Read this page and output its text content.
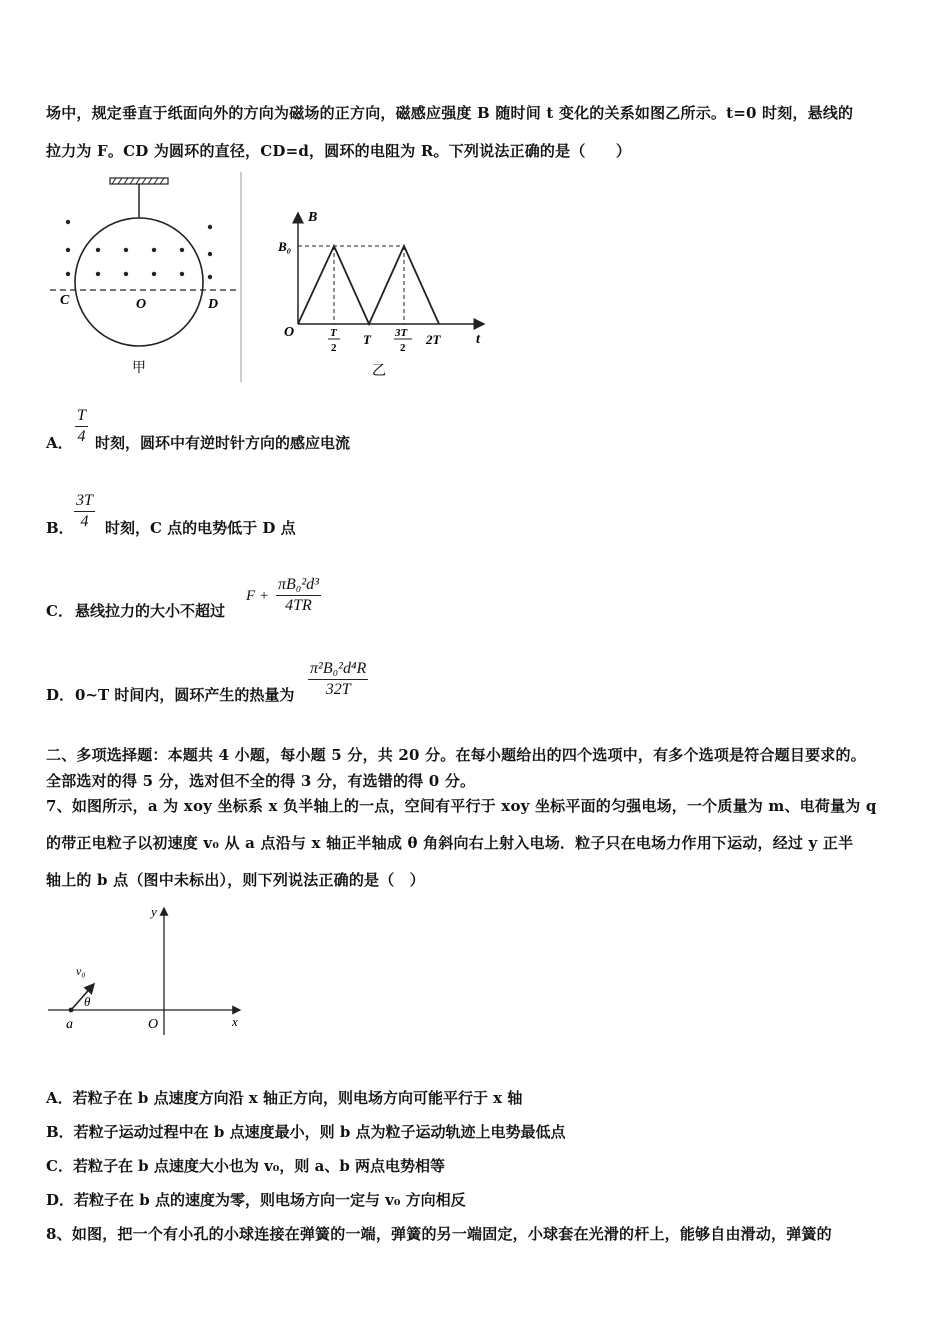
场中，规定垂直于纸面向外的方向为磁场的正方向，磁感应强度 B 随时间 t 变化的关系如图乙所示。t=0 时刻，悬线的
拉力为 F。CD 为圆环的直径，CD=d，圆环的电阻为 R。下列说法正确的是（　　）
C	O	D
甲
B
t
O
B₀
T
2
T 3T
2
2T
乙
A．
T
4 时刻，圆环中有逆时针方向的感应电流
B．
3T
4	时刻，C 点的电势低于 D 点
C． 悬线拉力的大小不超过
F +
πB₀²d³
4TR
D． 0~T 时间内，圆环产生的热量为
π²B₀²d⁴R
32T
二、多项选择题：本题共 4 小题，每小题 5 分，共 20 分。在每小题给出的四个选项中，有多个选项是符合题目要求的。
全部选对的得 5 分，选对但不全的得 3 分，有选错的得 0 分。
7、如图所示，a 为 xoy 坐标系 x 负半轴上的一点，空间有平行于 xoy 坐标平面的匀强电场，一个质量为 m、电荷量为 q
的带正电粒子以初速度 v₀ 从 a 点沿与 x 轴正半轴成 θ 角斜向右上射入电场．粒子只在电场力作用下运动，经过 y 正半
轴上的 b 点（图中未标出），则下列说法正确的是（　）
y
x
O
a
v₀
θ
A．若粒子在 b 点速度方向沿 x 轴正方向，则电场方向可能平行于 x 轴
B．若粒子运动过程中在 b 点速度最小，则 b 点为粒子运动轨迹上电势最低点
C．若粒子在 b 点速度大小也为 v₀，则 a、b 两点电势相等
D．若粒子在 b 点的速度为零，则电场方向一定与 v₀ 方向相反
8、如图，把一个有小孔的小球连接在弹簧的一端，弹簧的另一端固定，小球套在光滑的杆上，能够自由滑动，弹簧的
